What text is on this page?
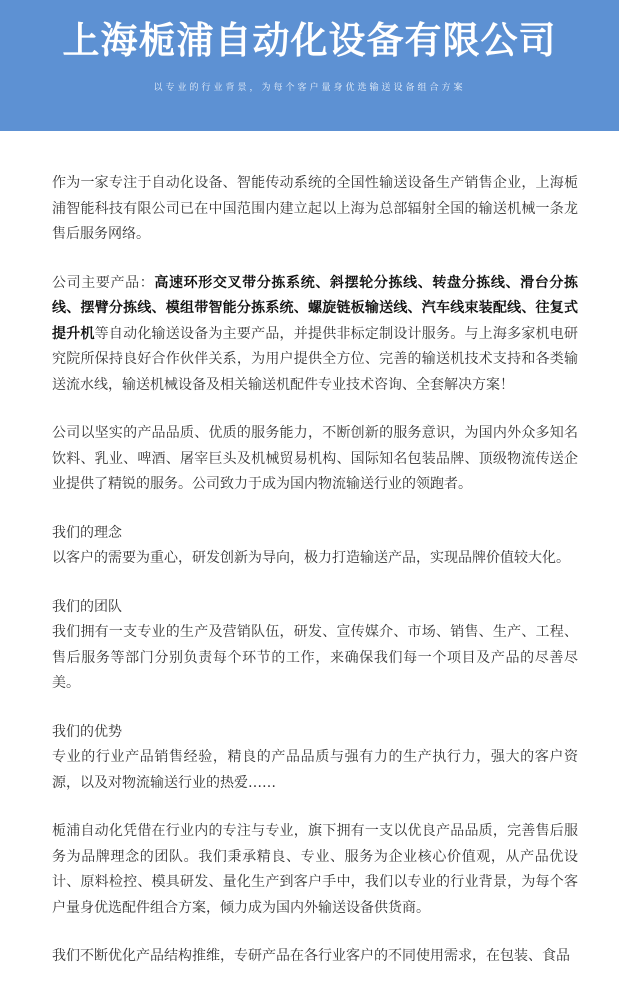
上海栀浦自动化设备有限公司
以专业的行业背景，为每个客户量身优选输送设备组合方案

作为一家专注于自动化设备、智能传动系统的全国性输送设备生产销售企业，上海栀浦智能科技有限公司已在中国范围内建立起以上海为总部辐射全国的输送机械一条龙售后服务网络。

公司主要产品：高速环形交叉带分拣系统、斜摆轮分拣线、转盘分拣线、滑台分拣线、摆臂分拣线、模组带智能分拣系统、螺旋链板输送线、汽车线束装配线、往复式提升机等自动化输送设备为主要产品，并提供非标定制设计服务。与上海多家机电研究院所保持良好合作伙伴关系，为用户提供全方位、完善的输送机技术支持和各类输送流水线，输送机械设备及相关输送机配件专业技术咨询、全套解决方案！

公司以坚实的产品品质、优质的服务能力，不断创新的服务意识，为国内外众多知名饮料、乳业、啤酒、屠宰巨头及机械贸易机构、国际知名包装品牌、顶级物流传送企业提供了精锐的服务。公司致力于成为国内物流输送行业的领跑者。

我们的理念
以客户的需要为重心，研发创新为导向，极力打造输送产品，实现品牌价值较大化。
我们的团队
我们拥有一支专业的生产及营销队伍，研发、宣传媒介、市场、销售、生产、工程、售后服务等部门分别负责每个环节的工作，来确保我们每一个项目及产品的尽善尽美。
我们的优势
专业的行业产品销售经验，精良的产品品质与强有力的生产执行力，强大的客户资源，以及对物流输送行业的热爱……

栀浦自动化凭借在行业内的专注与专业，旗下拥有一支以优良产品品质，完善售后服务为品牌理念的团队。我们秉承精良、专业、服务为企业核心价值观，从产品优设计、原料检控、模具研发、量化生产到客户手中，我们以专业的行业背景，为每个客户量身优选配件组合方案，倾力成为国内外输送设备供货商。

我们不断优化产品结构推维，专研产品在各行业客户的不同使用需求，在包装、食品
